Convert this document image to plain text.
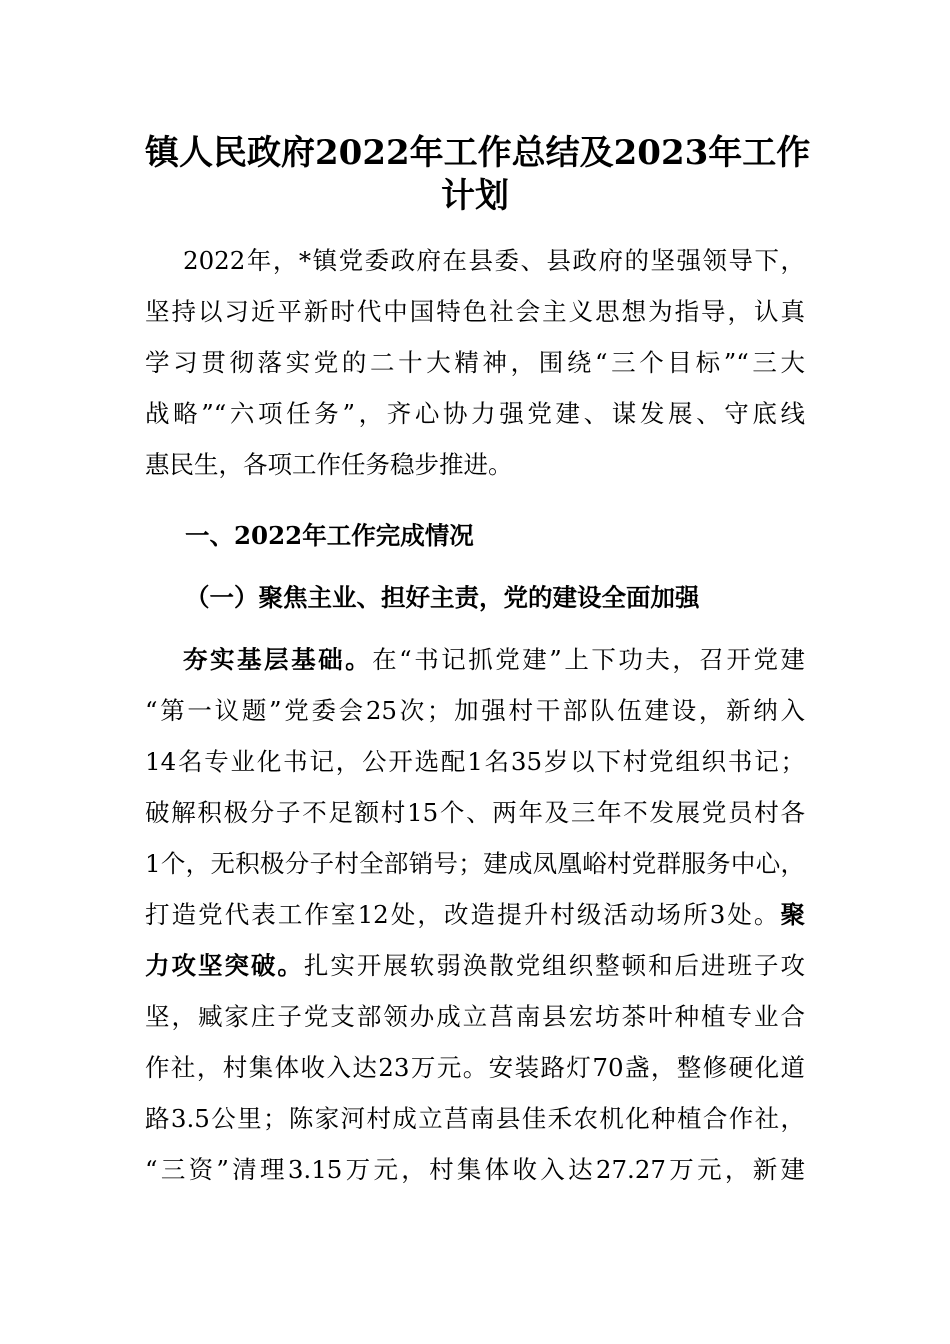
镇人民政府2022年工作总结及2023年工作
计划
2022年，*镇党委政府在县委、县政府的坚强领导下，
坚持以习近平新时代中国特色社会主义思想为指导，认真
学习贯彻落实党的二十大精神，围绕“三个目标”“三大
战略”“六项任务”，齐心协力强党建、谋发展、守底线
惠民生，各项工作任务稳步推进。
一、2022年工作完成情况
（一）聚焦主业、担好主责，党的建设全面加强
夯实基层基础。在“书记抓党建”上下功夫，召开党建
“第一议题”党委会25次；加强村干部队伍建设，新纳入
14名专业化书记，公开选配1名35岁以下村党组织书记；
破解积极分子不足额村15个、两年及三年不发展党员村各
1个，无积极分子村全部销号；建成凤凰峪村党群服务中心，
打造党代表工作室12处，改造提升村级活动场所3处。聚
力攻坚突破。扎实开展软弱涣散党组织整顿和后进班子攻
坚，臧家庄子党支部领办成立莒南县宏坊茶叶种植专业合
作社，村集体收入达23万元。安装路灯70盏，整修硬化道
路3.5公里；陈家河村成立莒南县佳禾农机化种植合作社，
“三资”清理3.15万元，村集体收入达27.27万元，新建
